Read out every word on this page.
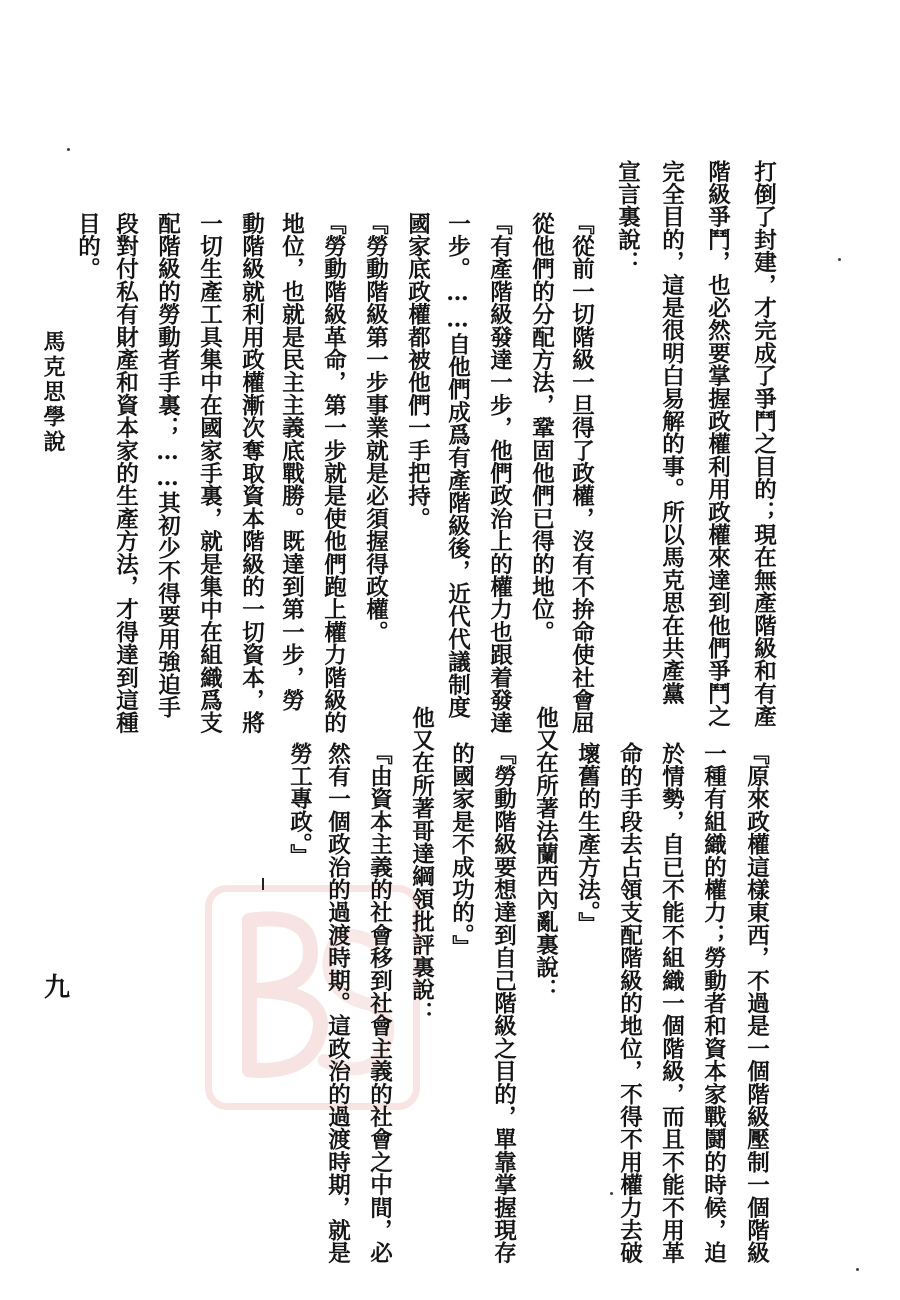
打倒了封建，才完成了爭鬥之目的；現在無產階級和有產
階級爭鬥，也必然要掌握政權利用政權來達到他們爭鬥之
完全目的，這是很明白易解的事。所以馬克思在共產黨
宣言裏說：
『從前一切階級一旦得了政權，沒有不拚命使社會屈
從他們的分配方法，鞏固他們已得的地位。
『有產階級發達一步，他們政治上的權力也跟着發達
一步。……自他們成爲有產階級後，近代代議制度
國家底政權都被他們一手把持。
『勞動階級第一步事業就是必須握得政權。
『勞動階級革命，第一步就是使他們跑上權力階級的
地位，也就是民主主義底戰勝。既達到第一步，勞
動階級就利用政權漸次奪取資本階級的一切資本，將
一切生產工具集中在國家手裏，就是集中在組織爲支
配階級的勞動者手裏；……其初少不得要用強迫手
段對付私有財產和資本家的生產方法，才得達到這種
目的。
『原來政權這樣東西，不過是一個階級壓制一個階級
一種有組織的權力；勞動者和資本家戰鬪的時候，迫
於情勢，自已不能不組織一個階級，而且不能不用革
命的手段去占領支配階級的地位，不得不用權力去破
壞舊的生產方法。』
他又在所著法蘭西內亂裏說：
『勞動階級要想達到自己階級之目的，單靠掌握現存
的國家是不成功的。』
他又在所著哥達綱領批評裏說：
『由資本主義的社會移到社會主義的社會之中間，必
然有一個政治的過渡時期。這政治的過渡時期，就是
勞工專政。』
馬克思學說
九
